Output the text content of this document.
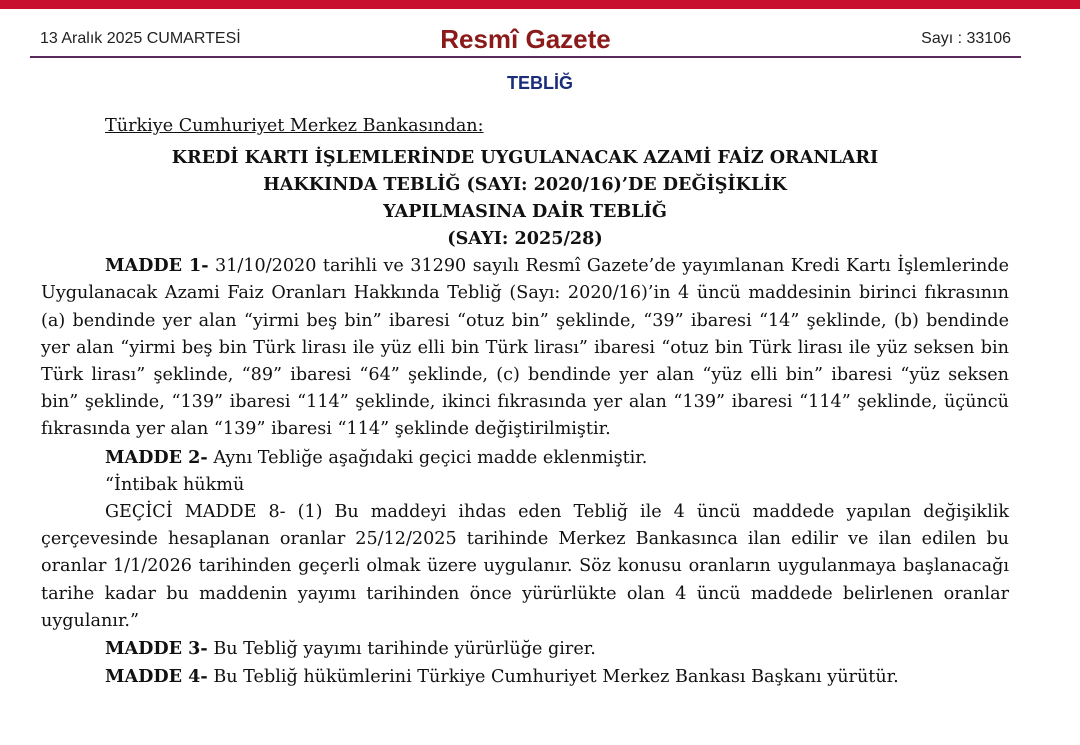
13 Aralık 2025 CUMARTESİ	Resmî Gazete	Sayı : 33106
TEBLİĞ
Türkiye Cumhuriyet Merkez Bankasından:
KREDİ KARTI İŞLEMLERİNDE UYGULANACAK AZAMİ FAİZ ORANLARI
HAKKINDA TEBLİĞ (SAYI: 2020/16)’DE DEĞİŞİKLİK
YAPILMASINA DAİR TEBLİĞ
(SAYI: 2025/28)

MADDE 1- 31/10/2020 tarihli ve 31290 sayılı Resmî Gazete’de yayımlanan Kredi Kartı İşlemlerinde Uygulanacak Azami Faiz Oranları Hakkında Tebliğ (Sayı: 2020/16)’in 4 üncü maddesinin birinci fıkrasının (a) bendinde yer alan “yirmi beş bin” ibaresi “otuz bin” şeklinde, “39” ibaresi “14” şeklinde, (b) bendinde yer alan “yirmi beş bin Türk lirası ile yüz elli bin Türk lirası” ibaresi “otuz bin Türk lirası ile yüz seksen bin Türk lirası” şeklinde, “89” ibaresi “64” şeklinde, (c) bendinde yer alan “yüz elli bin” ibaresi “yüz seksen bin” şeklinde, “139” ibaresi “114” şeklinde, ikinci fıkrasında yer alan “139” ibaresi “114” şeklinde, üçüncü fıkrasında yer alan “139” ibaresi “114” şeklinde değiştirilmiştir.

MADDE 2- Aynı Tebliğe aşağıdaki geçici madde eklenmiştir.

“İntibak hükmü

GEÇİCİ MADDE 8- (1) Bu maddeyi ihdas eden Tebliğ ile 4 üncü maddede yapılan değişiklik çerçevesinde hesaplanan oranlar 25/12/2025 tarihinde Merkez Bankasınca ilan edilir ve ilan edilen bu oranlar 1/1/2026 tarihinden geçerli olmak üzere uygulanır. Söz konusu oranların uygulanmaya başlanacağı tarihe kadar bu maddenin yayımı tarihinden önce yürürlükte olan 4 üncü maddede belirlenen oranlar uygulanır.”

MADDE 3- Bu Tebliğ yayımı tarihinde yürürlüğe girer.

MADDE 4- Bu Tebliğ hükümlerini Türkiye Cumhuriyet Merkez Bankası Başkanı yürütür.
